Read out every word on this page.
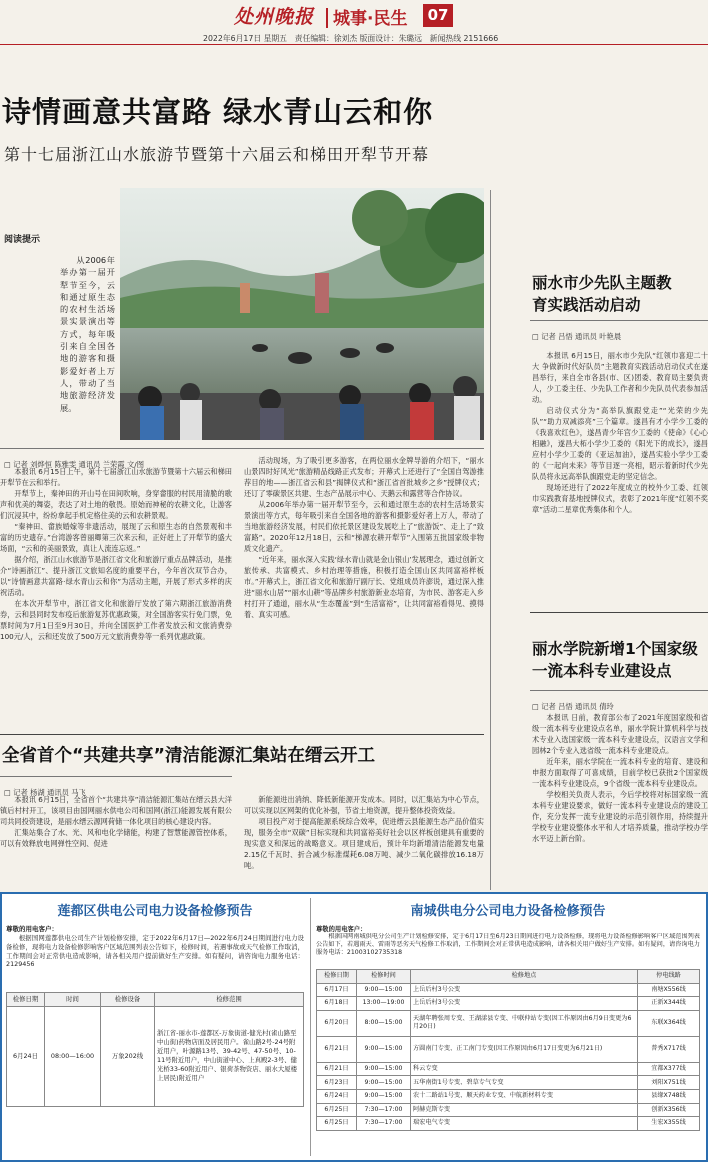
处州晚报 城事·民生	07
2022年6月17日 星期五　责任编辑：徐刘杰 版面设计：朱璐远　新闻热线 2151666
诗情画意共富路 绿水青山云和你
第十七届浙江山水旅游节暨第十六届云和梯田开犁节开幕
阅读提示
从2006年举办第一届开犁节至今，云和通过原生态的农村生活场景实景演出等方式，每年吸引来自全国各地的游客和摄影爱好者上万人，带动了当地旅游经济发展。
□ 记者 刘烨恒 陈雅雯 通讯员 兰荣霞 文/图
本报讯 6月15日上午，第十七届浙江山水旅游节暨第十六届云和梯田开犁节在云和举行。
开犁节上，秦神田的开山号在田间吹响，身穿畲服的村民用清脆的歌声和优美的舞姿，表达了对土地的敬畏。原始而神秘的农耕文化，让游客们沉浸其中，纷纷拿起手机定格住美的云和农耕景观。
“秦神田、畲族婚嫁等非遗活动，展现了云和原生态的自然景观和丰富的历史遗存。”台湾游客曾丽卿第三次来云和，正好赶上了开犁节的盛大场面，“云和的美丽景致，真让人流连忘返。”
据介绍，浙江山水旅游节是浙江省文化和旅游厅重点品牌活动，是推介“诗画浙江”、提升浙江文旅知名度的重要平台，今年首次双节合办，以“诗情画意共富路·绿水青山云和你”为活动主题，开展了形式多样的庆祝活动。
在本次开犁节中，浙江省文化和旅游厅发放了第六期浙江旅游消费券，云和县同时发布疫后旅游复苏优惠政策，对全国游客实行免门票，免票时间为7月1日至9月30日，并向全国医护工作者发放云和文旅消费券100元/人，云和还发放了500万元文旅消费券等一系列优惠政策。
活动现场，为了吸引更多游客，在两位丽水金牌导游的介绍下，“丽水山景四时好风光”旅游精品线路正式发布；开幕式上还进行了“全国自驾游推荐目的地——浙江省云和县”揭牌仪式和“浙江省首批城乡之乡”授牌仪式；还订了零碳景区共建、生态产品展示中心、天鹅云和露营等合作协议。
从2006年举办第一届开犁节至今，云和通过原生态的农村生活场景实景演出等方式，每年吸引来自全国各地的游客和摄影爱好者上万人，带动了当地旅游经济发展，村民们依托景区建设发展吃上了“旅游饭”、走上了“致富路”。2020年12月18日，云和“梯源农耕开犁节”入围第五批国家级非物质文化遗产。
“近年来，丽水深入实践‘绿水青山就是金山银山’发展理念，通过创新文旅传承、共富模式、乡村治理等措施，积极打造全国山区共同富裕样板市。”开幕式上，浙江省文化和旅游厅副厅长、党组成员许澎说，通过深入推进“丽水山居”“丽水山耕”等品牌乡村旅游新业态培育，为市民、游客走入乡村打开了通道，丽水从“生态覆盖”到“生活富裕”，让共同富裕看得见、摸得着、真实可感。
全省首个“共建共享”清洁能源汇集站在缙云开工
□ 记者 杨湖 通讯员 马飞
本报讯 6月15日，全省首个“共建共享”清洁能源汇集站在缙云县大洋镇后村村开工，该项目由国网丽水供电公司和国网(浙江)能源发展有限公司共同投资建设，是丽水缙云源网荷储一体化项目的核心建设内容。
汇集站集合了水、光、风和电化学储能，构建了智慧能源管控体系，可以有效释放电网弹性空间、促进
新能源进出消纳、降低新能源开发成本。同时，以汇集站为中心节点，可以实现以区网架的优化补强，节省土地资源，提升整体投资效益。
项目投产对于提高能源系统综合效率，促进缙云县能源生态产品价值实现，服务全市“双碳”目标实现和共同富裕美好社会以区样板创建具有重要的现实意义和深远的战略意义。项目建成后，预计年均新增清洁能源发电量2.15亿千瓦时、折合减少标准煤耗6.08万吨、减少二氧化碳排放16.18万吨。
丽水市少先队主题教育实践活动启动
□ 记者 吕悟 通讯员 叶艳晨
本报讯 6月15日，丽水市少先队“红领巾喜迎二十大 争做新时代好队员”主题教育实践活动启动仪式在遂昌举行，来自全市各县(市、区)团委、教育局主要负责人，少工委主任、少先队工作者和少先队员代表参加活动。
启动仪式分为“高举队旗跟党走”“光荣的少先队”“助力双减添亮”三个篇章。遂昌有才小学少工委的《我喜欢红色》，遂昌青少年宫少工委的《使命》《心心相融》，遂昌大柘小学少工委的《阳光下的成长》，遂昌应村小学少工委的《亚运加油》，遂昌实验小学少工委的《一起向未来》等节目逐一亮相，昭示着新时代少先队员将永远高举队旗跟党走的坚定信念。
现场还进行了2022年度成立的校外少工委、红领巾实践教育基地授牌仪式，表彰了2021年度“红领不奖章”活动二星章优秀集体和个人。
丽水学院新增1个国家级一流本科专业建设点
□ 记者 吕悟 通讯员 倩玲
本报讯 日前，教育部公布了2021年度国家级和省级一流本科专业建设点名单，丽水学院计算机科学与技术专业入选国家级一流本科专业建设点，汉语言文学和园林2个专业入选省级一流本科专业建设点。
近年来，丽水学院在一流本科专业的培育、建设和申报方面取得了可喜成绩，目前学校已获批2个国家级一流本科专业建设点，9个省级一流本科专业建设点。
学校相关负责人表示，今后学校将对标国家级一流本科专业建设要求，做好一流本科专业建设点的建设工作，充分发挥一流专业建设的示范引领作用，持续提升学校专业建设整体水平和人才培养质量，推动学校办学水平迈上新台阶。
莲都区供电公司电力设备检修预告
尊敬的用电客户：
根据国网莲都供电公司生产计划检修安排，定于2022年6月17日—2022年6月24日期间进行电力设备检修，现将电力设备检修影响客户区域范围列表公告如下，检修时间，若遇事故或天气检修工作取消，工作期间会对正常供电造成影响，请各相关用户提前做好生产安排。如有疑问，请咨询电力服务电话：2129456
检修日期	时间	检修设备	检修范围
6月24日	08:00—16:00	万象202线	浙江省-丽水市-莲都区-万象街道-健光村(雀山路至中山街)药物店面及居民用户。雀山路2号-24号附近用户，叶源路13号、39-42号、47-50号、10-11号附近用户，中山街道中心、上真殿2-3号、健光桥33-60附近用户、银荷茶物资店、丽水大厦楼上居民)附近用户
南城供电分公司电力设备检修预告
尊敬的用电客户：
根据国网南城供电分公司生产计划检修安排，定于6月17日至6月23日期间进行电力设备检修，现将电力设备检修影响客户区域范围列表公告如下，若遇雨天、雷雨等恶劣天气检修工作取消，工作期间会对正常供电造成影响，请各相关用户做好生产安排。如有疑问，请咨询电力服务电话：21003102735318
检修日期	检修时间	检修地点	停电线路
6月17日	9:00—15:00	上岳后村3号公变	南塘X556线
6月18日	13:00—19:00	上岳后村3号公变	正新X344线
6月20日	8:00—15:00	天湖年聘张周专变、王湖漾县专变、中联仲站专变(因工作原因由6月9日变更为6月20日)	东联X364线
6月21日	9:00—15:00	方圆南门专变、正工南门专变(因工作原因由6月17日变更为6月21日)	普秀X717线
6月21日	9:00—15:00	科云专变	宜都X377线
6月23日	9:00—15:00	五华南街1号专变、碧草专气专变	刘阳X751线
6月24日	9:00—15:00	农十二路站1号变、顺天药业专变、中航新材料专变	县缘X748线
6月25日	7:30—17:00	阿赫克斯专变	创新X356线
6月25日	7:30—17:00	瑞宏电气专变	生宏X355线
